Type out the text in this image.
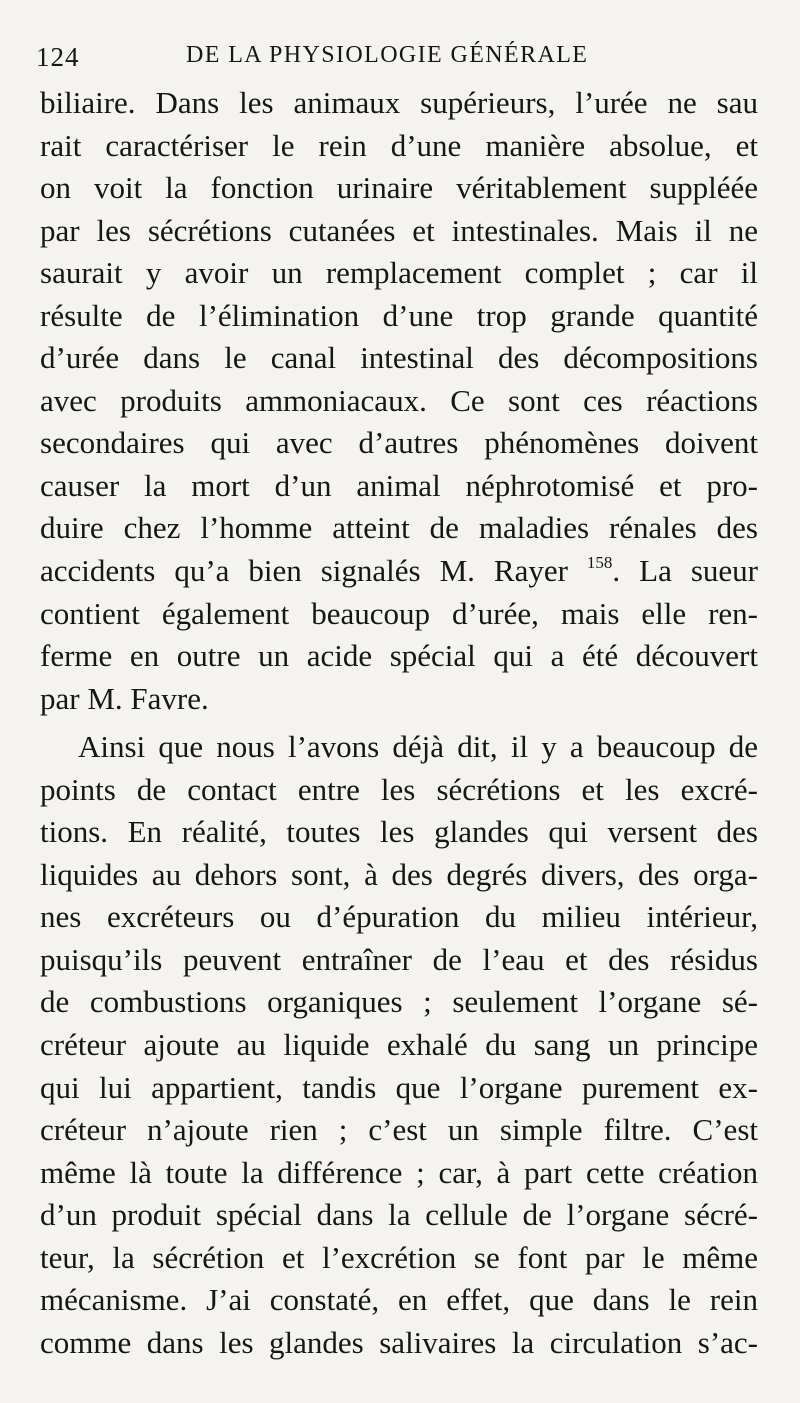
124	DE LA PHYSIOLOGIE GÉNÉRALE
biliaire. Dans les animaux supérieurs, l’urée ne sau
rait caractériser le rein d’une manière absolue, et
on voit la fonction urinaire véritablement suppléée
par les sécrétions cutanées et intestinales. Mais il ne
saurait y avoir un remplacement complet ; car il
résulte de l’élimination d’une trop grande quantité
d’urée dans le canal intestinal des décompositions
avec produits ammoniacaux. Ce sont ces réactions
secondaires qui avec d’autres phénomènes doivent
causer la mort d’un animal néphrotomisé et pro-
duire chez l’homme atteint de maladies rénales des
accidents qu’a bien signalés M. Rayer $^{158}$. La sueur
contient également beaucoup d’urée, mais elle ren-
ferme en outre un acide spécial qui a été découvert
par M. Favre.
Ainsi que nous l’avons déjà dit, il y a beaucoup de
points de contact entre les sécrétions et les excré-
tions. En réalité, toutes les glandes qui versent des
liquides au dehors sont, à des degrés divers, des orga-
nes excréteurs ou d’épuration du milieu intérieur,
puisqu’ils peuvent entraîner de l’eau et des résidus
de combustions organiques ; seulement l’organe sé-
créteur ajoute au liquide exhalé du sang un principe
qui lui appartient, tandis que l’organe purement ex-
créteur n’ajoute rien ; c’est un simple filtre. C’est
même là toute la différence ; car, à part cette création
d’un produit spécial dans la cellule de l’organe sécré-
teur, la sécrétion et l’excrétion se font par le même
mécanisme. J’ai constaté, en effet, que dans le rein
comme dans les glandes salivaires la circulation s’ac-
